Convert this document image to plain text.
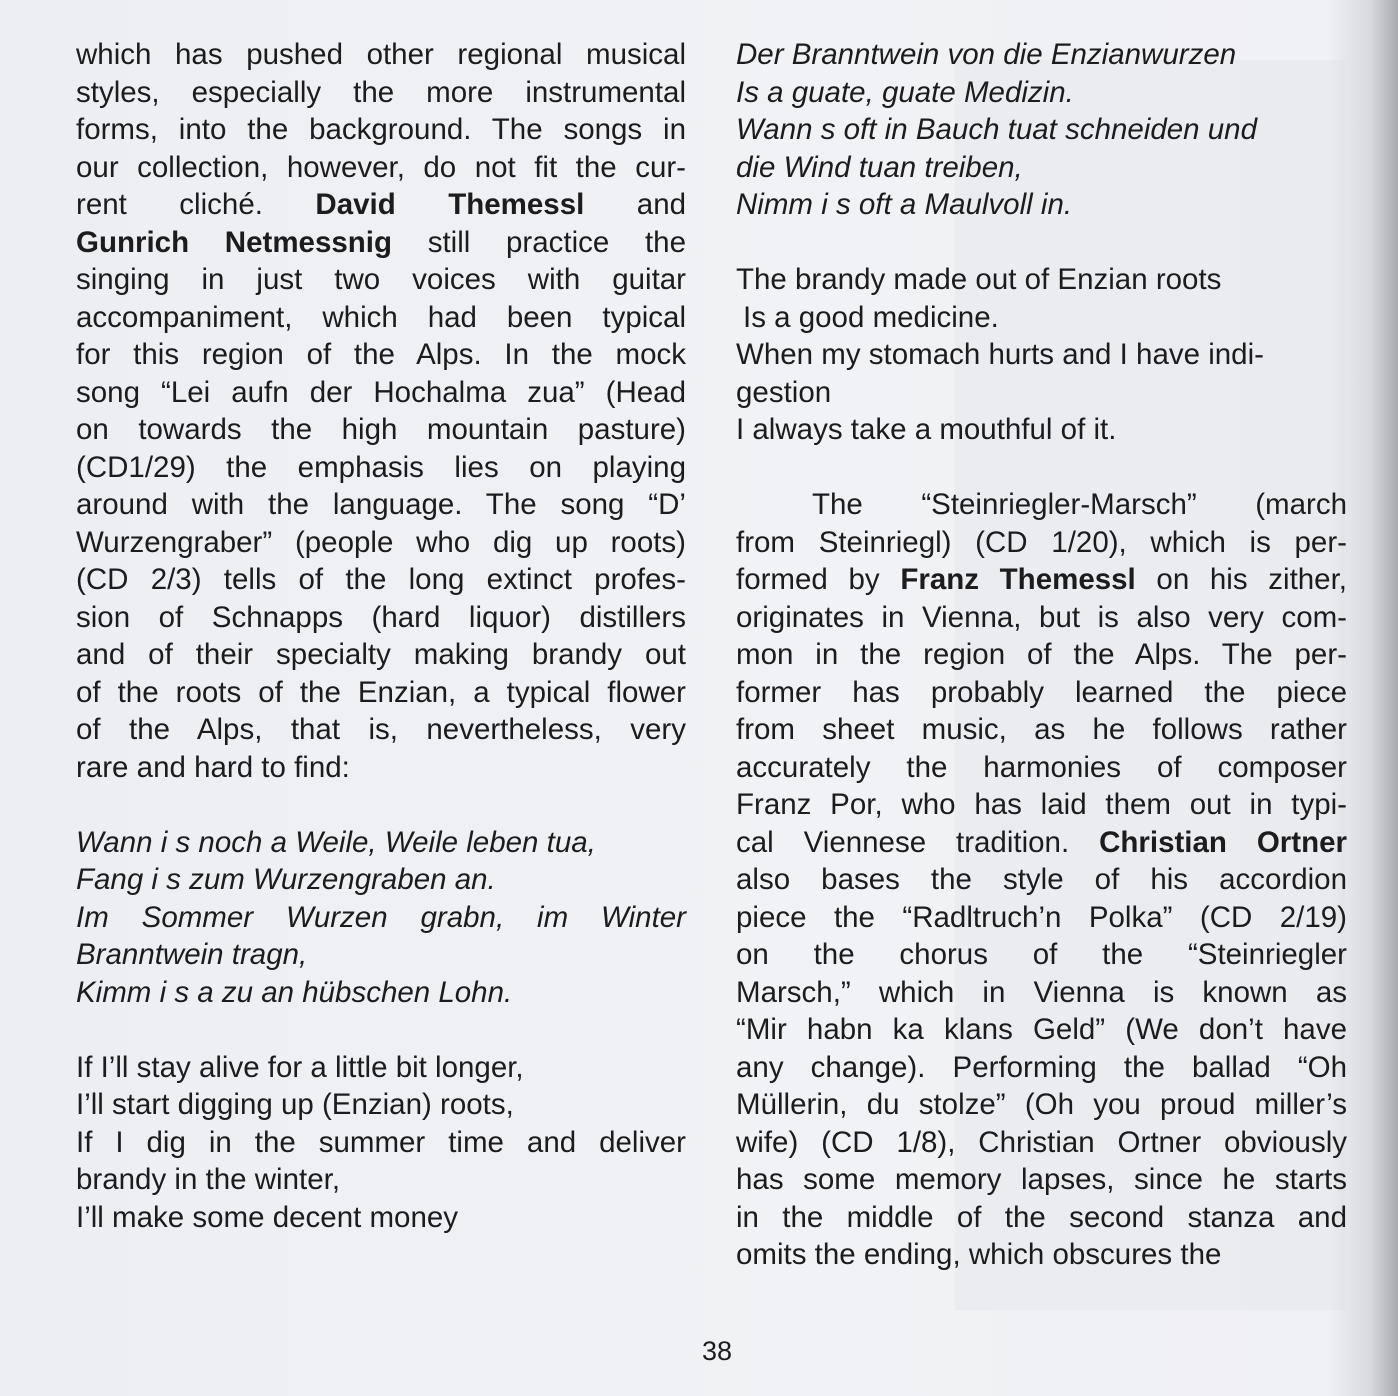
which has pushed other regional musical
styles, especially the more instrumental
forms, into the background. The songs in
our collection, however, do not fit the cur-
rent cliché. David Themessl and
Gunrich Netmessnig still practice the
singing in just two voices with guitar
accompaniment, which had been typical
for this region of the Alps. In the mock
song “Lei aufn der Hochalma zua” (Head
on towards the high mountain pasture)
(CD1/29) the emphasis lies on playing
around with the language. The song “D’
Wurzengraber” (people who dig up roots)
(CD 2/3) tells of the long extinct profes-
sion of Schnapps (hard liquor) distillers
and of their specialty making brandy out
of the roots of the Enzian, a typical flower
of the Alps, that is, nevertheless, very
rare and hard to find:
Wann i s noch a Weile, Weile leben tua,
Fang i s zum Wurzengraben an.
Im Sommer Wurzen grabn, im Winter
Branntwein tragn,
Kimm i s a zu an hübschen Lohn.
If I’ll stay alive for a little bit longer,
I’ll start digging up (Enzian) roots,
If I dig in the summer time and deliver
brandy in the winter,
I’ll make some decent money
Der Branntwein von die Enzianwurzen
Is a guate, guate Medizin.
Wann s oft in Bauch tuat schneiden und
die Wind tuan treiben,
Nimm i s oft a Maulvoll in.
The brandy made out of Enzian roots
Is a good medicine.
When my stomach hurts and I have indi-
gestion
I always take a mouthful of it.
The “Steinriegler-Marsch” (march
from Steinriegl) (CD 1/20), which is per-
formed by Franz Themessl on his zither,
originates in Vienna, but is also very com-
mon in the region of the Alps. The per-
former has probably learned the piece
from sheet music, as he follows rather
accurately the harmonies of composer
Franz Por, who has laid them out in typi-
cal Viennese tradition. Christian Ortner
also bases the style of his accordion
piece the “Radltruch’n Polka” (CD 2/19)
on the chorus of the “Steinriegler
Marsch,” which in Vienna is known as
“Mir habn ka klans Geld” (We don’t have
any change). Performing the ballad “Oh
Müllerin, du stolze” (Oh you proud miller’s
wife) (CD 1/8), Christian Ortner obviously
has some memory lapses, since he starts
in the middle of the second stanza and
omits the ending, which obscures the
38
